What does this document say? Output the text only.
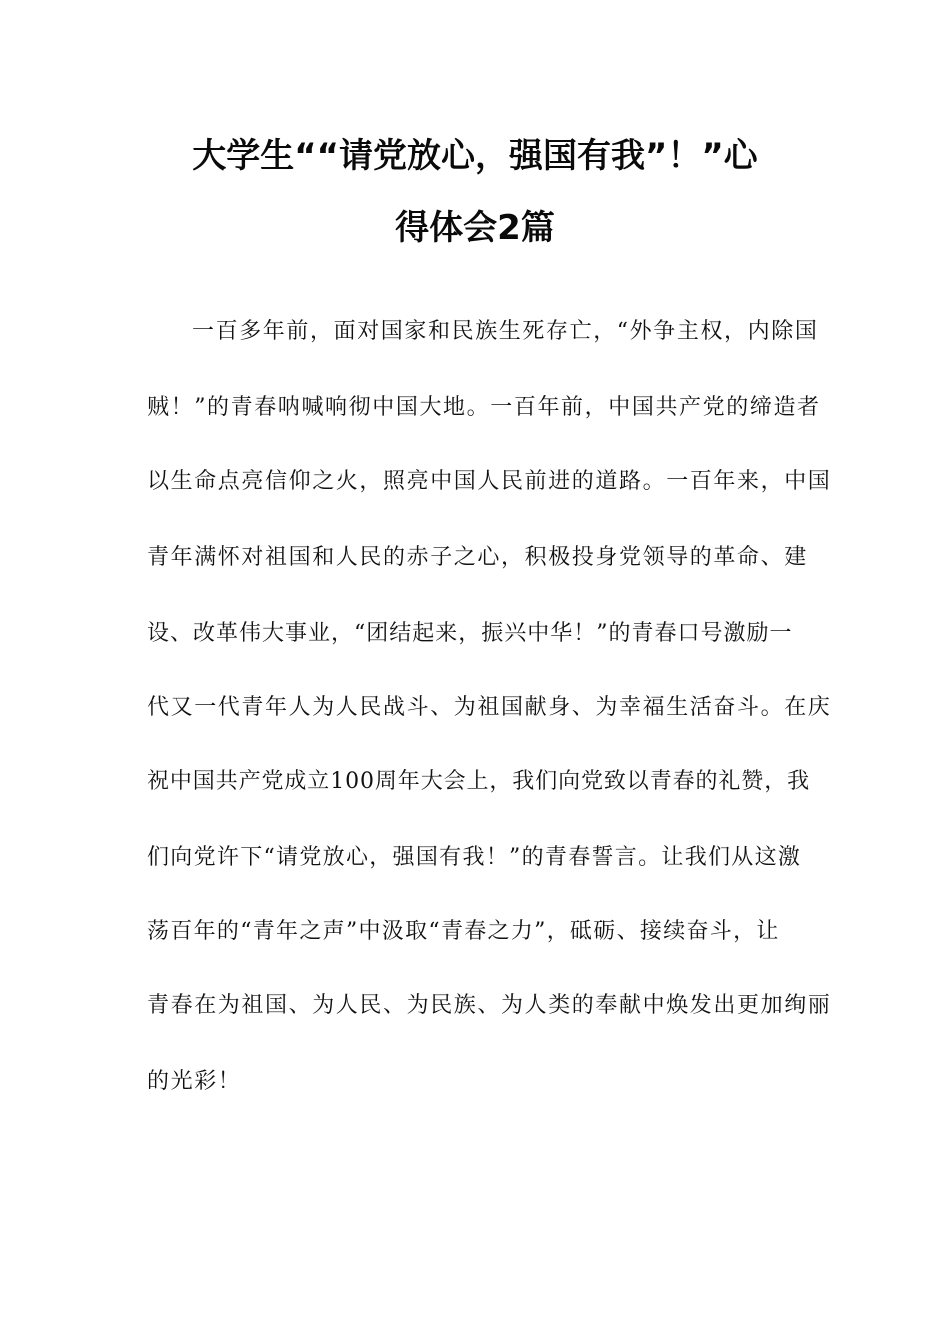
大学生““请党放心，强国有我”！”心
得体会2篇
一百多年前，面对国家和民族生死存亡，“外争主权，内除国
贼！”的青春呐喊响彻中国大地。一百年前，中国共产党的缔造者
以生命点亮信仰之火，照亮中国人民前进的道路。一百年来，中国
青年满怀对祖国和人民的赤子之心，积极投身党领导的革命、建
设、改革伟大事业，“团结起来，振兴中华！”的青春口号激励一
代又一代青年人为人民战斗、为祖国献身、为幸福生活奋斗。在庆
祝中国共产党成立100周年大会上，我们向党致以青春的礼赞，我
们向党许下“请党放心，强国有我！”的青春誓言。让我们从这激
荡百年的“青年之声”中汲取“青春之力”，砥砺、接续奋斗，让
青春在为祖国、为人民、为民族、为人类的奉献中焕发出更加绚丽
的光彩！
